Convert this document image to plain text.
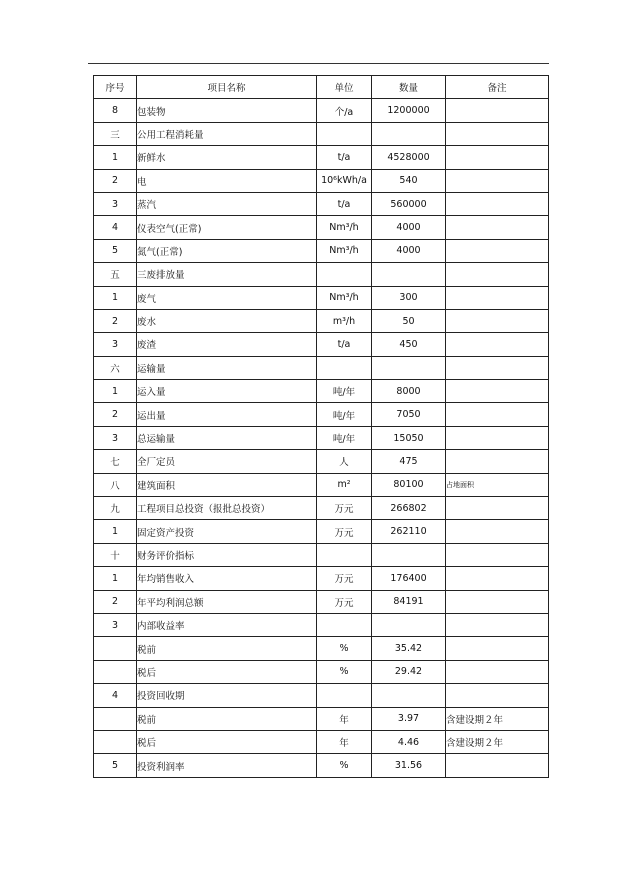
序号	项目名称	单位	数量	备注
8	包装物	个/a	1200000	
三	公用工程消耗量			
1	新鲜水	t/a	4528000	
2	电	10⁶kWh/a	540	
3	蒸汽	t/a	560000	
4	仪表空气(正常)	Nm³/h	4000	
5	氮气(正常)	Nm³/h	4000	
五	三废排放量			
1	废气	Nm³/h	300	
2	废水	m³/h	50	
3	废渣	t/a	450	
六	运输量			
1	运入量	吨/年	8000	
2	运出量	吨/年	7050	
3	总运输量	吨/年	15050	
七	全厂定员	人	475	
八	建筑面积	m²	80100	占地面积
九	工程项目总投资（报批总投资）	万元	266802	
1	固定资产投资	万元	262110	
十	财务评价指标			
1	年均销售收入	万元	176400	
2	年平均利润总额	万元	84191	
3	内部收益率			
	税前	%	35.42	
	税后	%	29.42	
4	投资回收期			
	税前	年	3.97	含建设期２年
	税后	年	4.46	含建设期２年
5	投资利润率	%	31.56	
